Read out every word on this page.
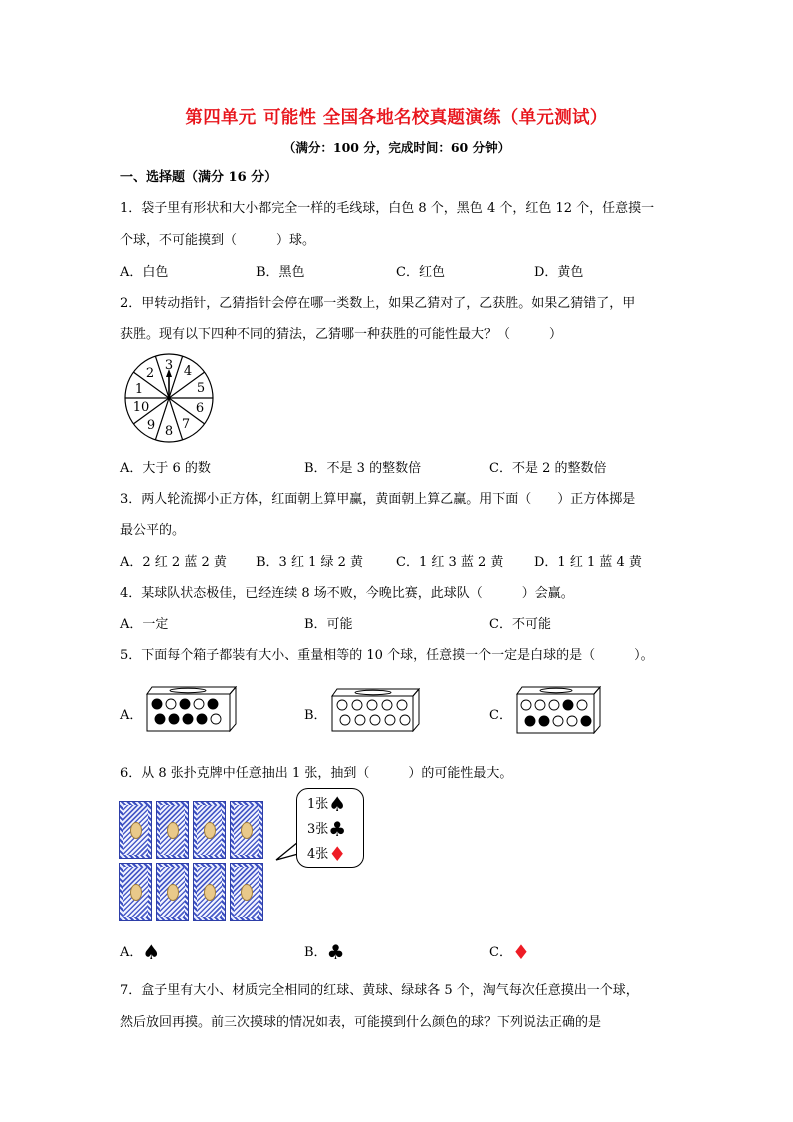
第四单元 可能性 全国各地名校真题演练（单元测试）
（满分：100 分，完成时间：60 分钟）
一、选择题（满分 16 分）
1．袋子里有形状和大小都完全一样的毛线球，白色 8 个，黑色 4 个，红色 12 个，任意摸一
个球，不可能摸到（　　　）球。
A．白色	B．黑色	C．红色	D．黄色
2．甲转动指针，乙猜指针会停在哪一类数上，如果乙猜对了，乙获胜。如果乙猜错了，甲
获胜。现有以下四种不同的猜法，乙猜哪一种获胜的可能性最大？（　　　）
3 4
5
6
7
8
9
10
1
2
A．大于 6 的数	B．不是 3 的整数倍	C．不是 2 的整数倍
3．两人轮流掷小正方体，红面朝上算甲赢，黄面朝上算乙赢。用下面（　　）正方体掷是
最公平的。
A．2 红 2 蓝 2 黄 B．3 红 1 绿 2 黄	C．1 红 3 蓝 2 黄 D．1 红 1 蓝 4 黄
4．某球队状态极佳，已经连续 8 场不败，今晚比赛，此球队（　　　）会赢。
A．一定	B．可能	C．不可能
5．下面每个箱子都装有大小、重量相等的 10 个球，任意摸一个一定是白球的是（　　　）。
A．	B．	C．
6．从 8 张扑克牌中任意抽出 1 张，抽到（　　　）的可能性最大。
1张♠
3张♣
4张♦
A．♠	B．♣	C．♦
7．盒子里有大小、材质完全相同的红球、黄球、绿球各 5 个，淘气每次任意摸出一个球，
然后放回再摸。前三次摸球的情况如表，可能摸到什么颜色的球？下列说法正确的是
